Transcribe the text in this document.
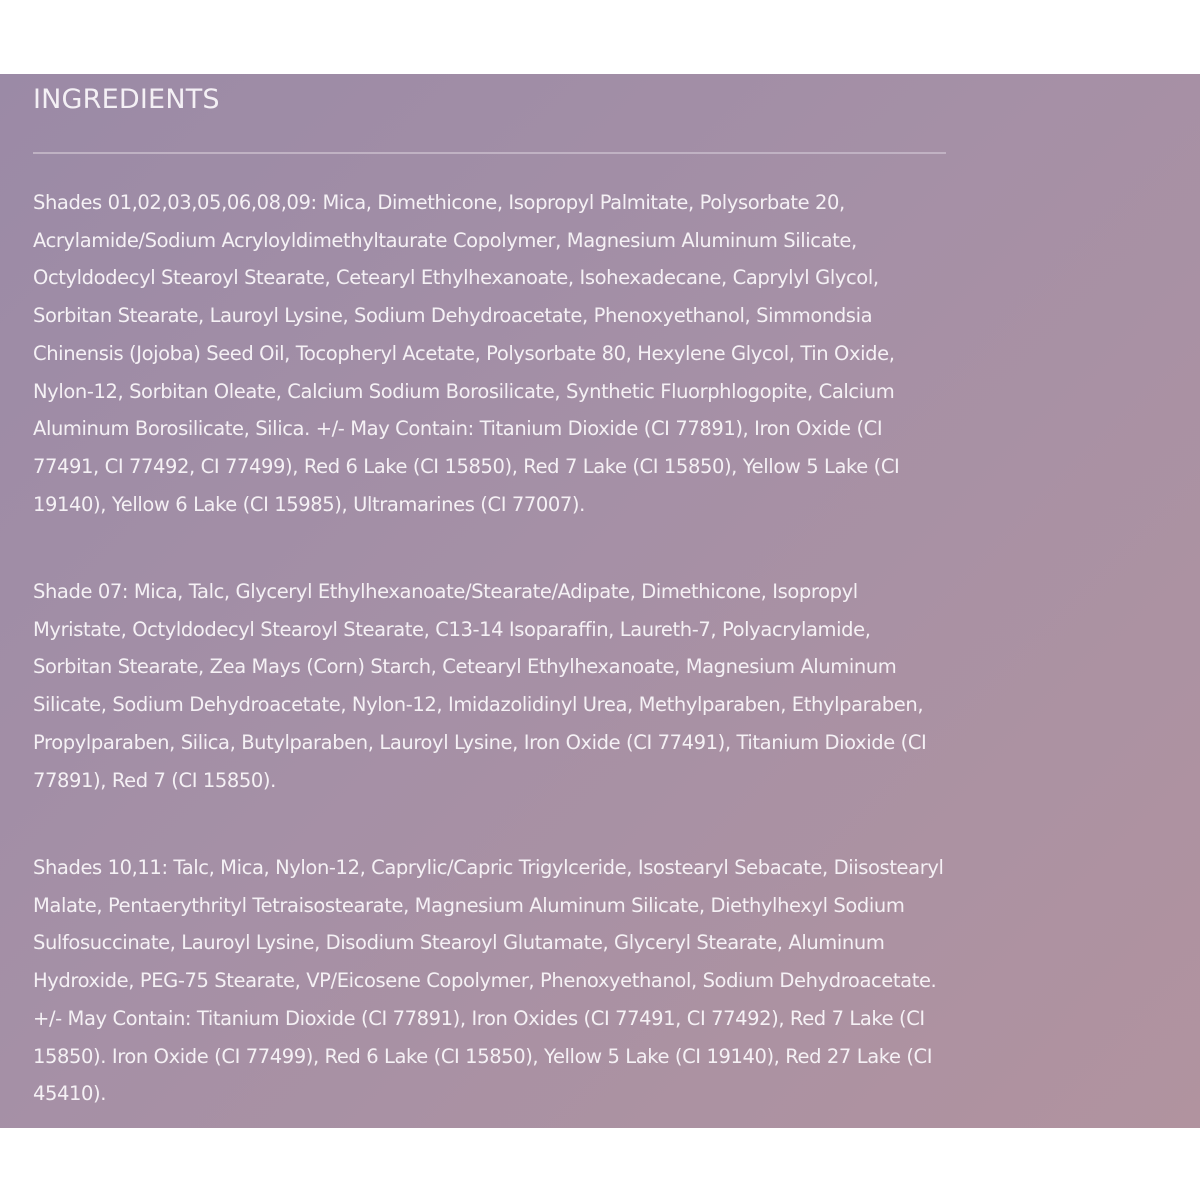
INGREDIENTS

Shades 01,02,03,05,06,08,09: Mica, Dimethicone, Isopropyl Palmitate, Polysorbate 20, Acrylamide/Sodium Acryloyldimethyltaurate Copolymer, Magnesium Aluminum Silicate, Octyldodecyl Stearoyl Stearate, Cetearyl Ethylhexanoate, Isohexadecane, Caprylyl Glycol, Sorbitan Stearate, Lauroyl Lysine, Sodium Dehydroacetate, Phenoxyethanol, Simmondsia Chinensis (Jojoba) Seed Oil, Tocopheryl Acetate, Polysorbate 80, Hexylene Glycol, Tin Oxide, Nylon-12, Sorbitan Oleate, Calcium Sodium Borosilicate, Synthetic Fluorphlogopite, Calcium Aluminum Borosilicate, Silica. +/- May Contain: Titanium Dioxide (CI 77891), Iron Oxide (CI 77491, CI 77492, CI 77499), Red 6 Lake (CI 15850), Red 7 Lake (CI 15850), Yellow 5 Lake (CI 19140), Yellow 6 Lake (CI 15985), Ultramarines (CI 77007).

Shade 07: Mica, Talc, Glyceryl Ethylhexanoate/Stearate/Adipate, Dimethicone, Isopropyl Myristate, Octyldodecyl Stearoyl Stearate, C13-14 Isoparaffin, Laureth-7, Polyacrylamide, Sorbitan Stearate, Zea Mays (Corn) Starch, Cetearyl Ethylhexanoate, Magnesium Aluminum Silicate, Sodium Dehydroacetate, Nylon-12, Imidazolidinyl Urea, Methylparaben, Ethylparaben, Propylparaben, Silica, Butylparaben, Lauroyl Lysine, Iron Oxide (CI 77491), Titanium Dioxide (CI 77891), Red 7 (CI 15850).

Shades 10,11: Talc, Mica, Nylon-12, Caprylic/Capric Trigylceride, Isostearyl Sebacate, Diisostearyl Malate, Pentaerythrityl Tetraisostearate, Magnesium Aluminum Silicate, Diethylhexyl Sodium Sulfosuccinate, Lauroyl Lysine, Disodium Stearoyl Glutamate, Glyceryl Stearate, Aluminum Hydroxide, PEG-75 Stearate, VP/Eicosene Copolymer, Phenoxyethanol, Sodium Dehydroacetate. +/- May Contain: Titanium Dioxide (CI 77891), Iron Oxides (CI 77491, CI 77492), Red 7 Lake (CI 15850). Iron Oxide (CI 77499), Red 6 Lake (CI 15850), Yellow 5 Lake (CI 19140), Red 27 Lake (CI 45410).
